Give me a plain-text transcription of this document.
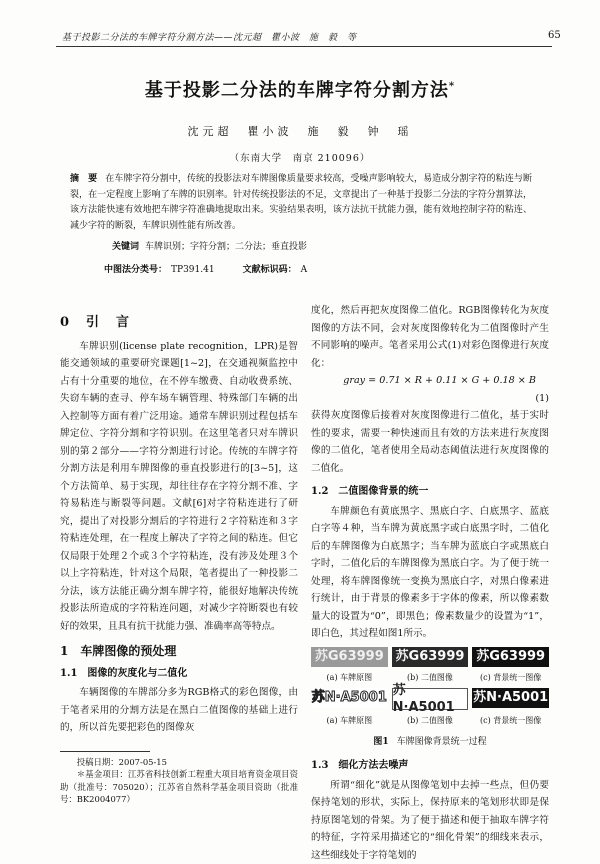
基于投影二分法的车牌字符分割方法——沈元超　瞿小波　施　毅　等	65
基于投影二分法的车牌字符分割方法*
沈元超　瞿小波　施　毅　钟　瑶
（东南大学　南京 210096）
摘　要 在车牌字符分割中，传统的投影法对车牌图像质量要求较高，受噪声影响较大，易造成分割字符的粘连与断裂，在一定程度上影响了车牌的识别率。针对传统投影法的不足，文章提出了一种基于投影二分法的字符分割算法，该方法能快速有效地把车牌字符准确地提取出来。实验结果表明，该方法抗干扰能力强，能有效地控制字符的粘连、减少字符的断裂，车牌识别性能有所改善。
关键词 车牌识别；字符分割；二分法；垂直投影
中图法分类号： TP391.41	文献标识码： A
0　引　言

车牌识别(license plate recognition，LPR)是智能交通领域的重要研究课题[1~2]，在交通视频监控中占有十分重要的地位，在不停车缴费、自动收费系统、失窃车辆的查寻、停车场车辆管理、特殊部门车辆的出入控制等方面有着广泛用途。通常车牌识别过程包括车牌定位、字符分割和字符识别。在这里笔者只对车牌识别的第２部分——字符分割进行讨论。传统的车牌字符分割方法是利用车牌图像的垂直投影进行的[3~5]，这个方法简单、易于实现，却往往存在字符分割不准、字符易粘连与断裂等问题。文献[6]对字符粘连进行了研究，提出了对投影分割后的字符进行２字符粘连和３字符粘连处理，在一程度上解决了字符之间的粘连。但它仅局限于处理２个或３个字符粘连，没有涉及处理３个以上字符粘连，针对这个局限，笔者提出了一种投影二分法，该方法能正确分割车牌字符，能很好地解决传统投影法所造成的字符粘连问题，对减少字符断裂也有较好的效果，且具有抗干扰能力强、准确率高等特点。

1　车牌图像的预处理
1.1 图像的灰度化与二值化

车辆图像的车牌部分多为RGB格式的彩色图像，由于笔者采用的分割方法是在黑白二值图像的基础上进行的，所以首先要把彩色的图像灰

投稿日期：2007-05-15

＊基金项目：江苏省科技创新工程重大项目培育资金项目资助（批准号：705020）；江苏省自然科学基金项目资助（批准号：BK2004077）

度化，然后再把灰度图像二值化。RGB图像转化为灰度图像的方法不同，会对灰度图像转化为二值图像时产生不同影响的噪声。笔者采用公式(1)对彩色图像进行灰度化：

gray = 0.71 × R + 0.11 × G + 0.18 × B

(1)

获得灰度图像后接着对灰度图像进行二值化，基于实时性的要求，需要一种快速而且有效的方法来进行灰度图像的二值化，笔者使用全局动态阈值法进行灰度图像的二值化。

1.2 二值图像背景的统一

车牌颜色有黄底黑字、黑底白字、白底黑字、蓝底白字等４种，当车牌为黄底黑字或白底黑字时，二值化后的车牌图像为白底黑字；当车牌为蓝底白字或黑底白字时，二值化后的车牌图像为黑底白字。为了便于统一处理，将车牌图像统一变换为黑底白字，对黑白像素进行统计，由于背景的像素多于字体的像素，所以像素数量大的设置为“0”，即黑色；像素数量少的设置为“1”，即白色，其过程如图1所示。

苏G63999 苏G63999 苏G63999
(a) 车牌原图	(b) 二值图像	(c) 背景统一图像
苏N·A5001
苏N·A5001
苏N·A5001
(a) 车牌原图	(b) 二值图像	(c) 背景统一图像
图1 车牌图像背景统一过程
1.3 细化方法去噪声

所谓“细化”就是从图像笔划中去掉一些点，但仍要保持笔划的形状，实际上，保持原来的笔划形状即是保持原图笔划的骨架。为了便于描述和便于抽取车牌字符的特征，字符采用描述它的“细化骨架”的细线来表示，这些细线处于字符笔划的
